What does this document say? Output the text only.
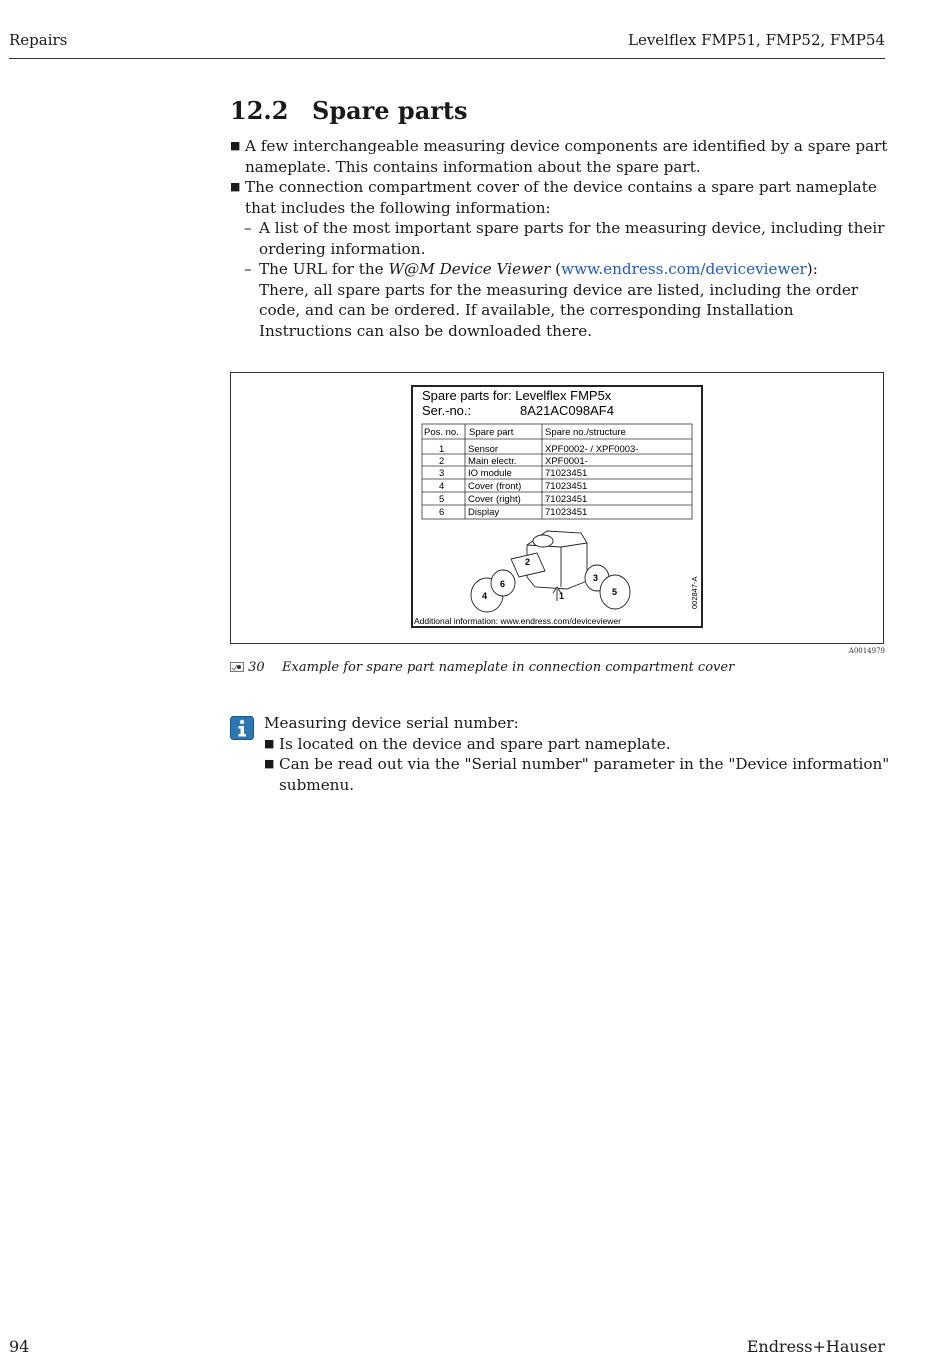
Repairs	Levelflex FMP51, FMP52, FMP54
12.2 Spare parts
■ A few interchangeable measuring device components are identified by a spare part nameplate. This contains information about the spare part.
■ The connection compartment cover of the device contains a spare part nameplate that includes the following information:
– A list of the most important spare parts for the measuring device, including their ordering information.
– The URL for the W@M Device Viewer (www.endress.com/deviceviewer):
There, all spare parts for the measuring device are listed, including the order code, and can be ordered. If available, the corresponding Installation Instructions can also be downloaded there.
Spare parts for: Levelflex FMP5x
Ser.-no.:	8A21AC098AF4
Pos. no. Spare part	Spare no./structure
1 Sensor	XPF0002- / XPF0003-
2 Main electr.	XPF0001-
3 IO module	71023451
4 Cover (front) 71023451
5 Cover (right)	71023451
6 Display	71023451
2
3
4	5
6
1	002847-A
Additional information: www.endress.com/deviceviewer
A0014979
30 Example for spare part nameplate in connection compartment cover
Measuring device serial number:
■ Is located on the device and spare part nameplate.
■ Can be read out via the "Serial number" parameter in the "Device information" submenu.
94	Endress+Hauser
